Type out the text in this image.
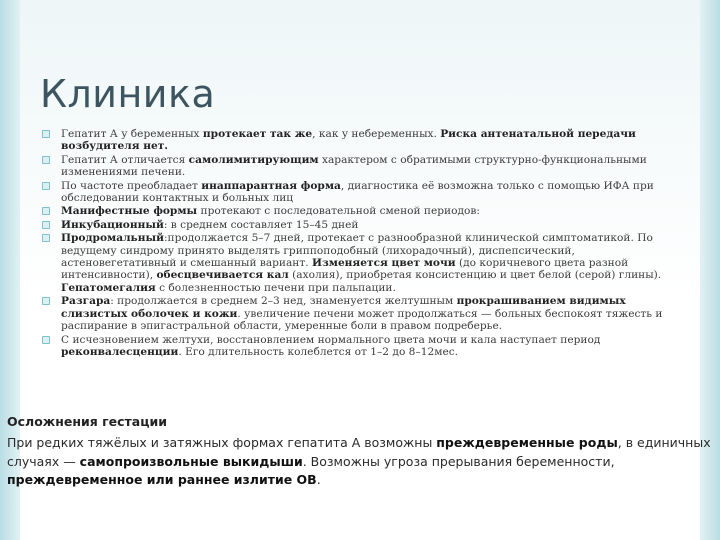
Клиника
Гепатит А у беременных протекает так же, как у небеременных. Риска антенатальной передачи возбудителя нет.
Гепатит А отличается самолимитирующим характером с обратимыми структурно-функциональными изменениями печени.
По частоте преобладает инаппарантная форма, диагностика её возможна только с помощью ИФА при обследовании контактных и больных лиц
Манифестные формы протекают с последовательной сменой периодов:
Инкубационный: в среднем составляет 15–45 дней
Продромальный:продолжается 5–7 дней, протекает с разнообразной клинической симптоматикой. По ведущему синдрому принято выделять гриппоподобный (лихорадочный), диспепсический, астеновегетативный и смешанный вариант. Изменяется цвет мочи (до коричневого цвета разной интенсивности), обесцвечивается кал (ахолия), приобретая консистенцию и цвет белой (серой) глины). Гепатомегалия с болезненностью печени при пальпации.
Разгара: продолжается в среднем 2–3 нед, знаменуется желтушным прокрашиванием видимых слизистых оболочек и кожи. увеличение печени может продолжаться — больных беспокоят тяжесть и распирание в эпигастральной области, умеренные боли в правом подреберье.
С исчезновением желтухи, восстановлением нормального цвета мочи и кала наступает период реконвалесценции. Его длительность колеблется от 1–2 до 8–12мес.

Осложнения гестации

При редких тяжёлых и затяжных формах гепатита А возможны преждевременные роды, в единичных случаях — самопроизвольные выкидыши. Возможны угроза прерывания беременности, преждевременное или раннее излитие ОВ.
